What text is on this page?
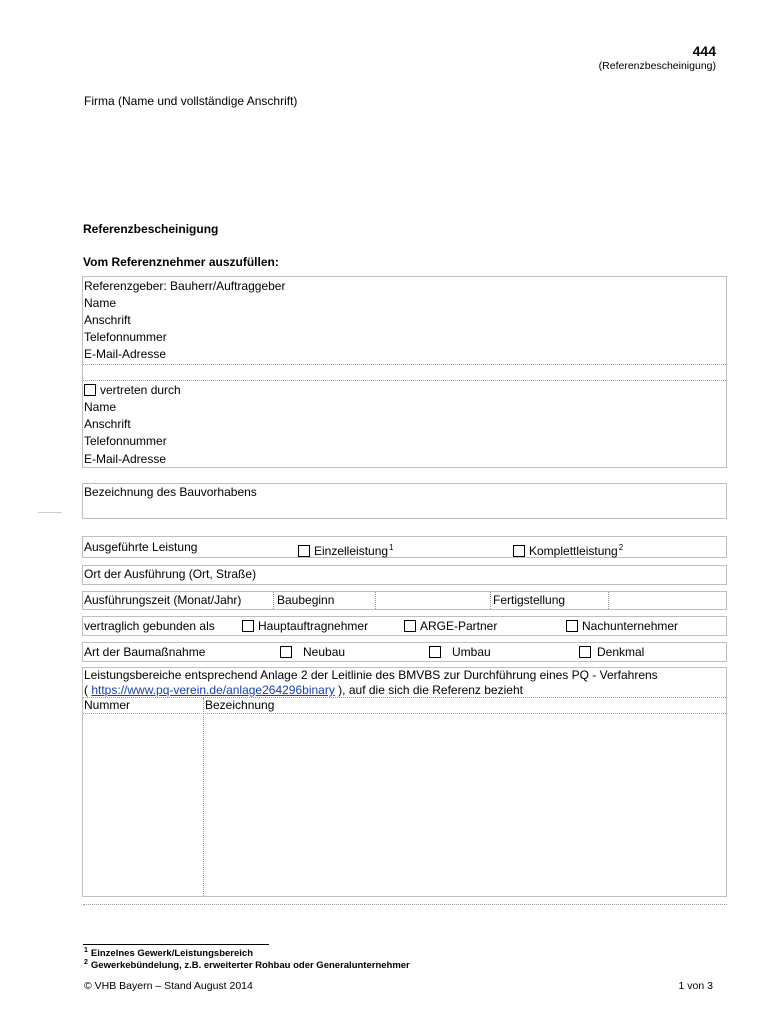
444
(Referenzbescheinigung)
Firma (Name und vollständige Anschrift)
Referenzbescheinigung
Vom Referenznehmer auszufüllen:
Referenzgeber: Bauherr/Auftraggeber
Name
Anschrift
Telefonnummer
E-Mail-Adresse
vertreten durch
Name
Anschrift
Telefonnummer
E-Mail-Adresse
Bezeichnung des Bauvorhabens
Ausgeführte Leistung	Einzelleistung$^1$	Komplettleistung$^2$
Ort der Ausführung (Ort, Straße)
Ausführungszeit (Monat/Jahr)	Baubeginn	Fertigstellung
vertraglich gebunden als	Hauptauftragnehmer	ARGE-Partner	Nachunternehmer
Art der Baumaßnahme	Neubau	Umbau	Denkmal
Leistungsbereiche entsprechend Anlage 2 der Leitlinie des BMVBS zur Durchführung eines PQ - Verfahrens
( https://www.pq-verein.de/anlage264296binary ), auf die sich die Referenz bezieht
Nummer	Bezeichnung
$^1$ Einzelnes Gewerk/Leistungsbereich
$^2$ Gewerkebündelung, z.B. erweiterter Rohbau oder Generalunternehmer
© VHB Bayern – Stand August 2014	1 von 3
